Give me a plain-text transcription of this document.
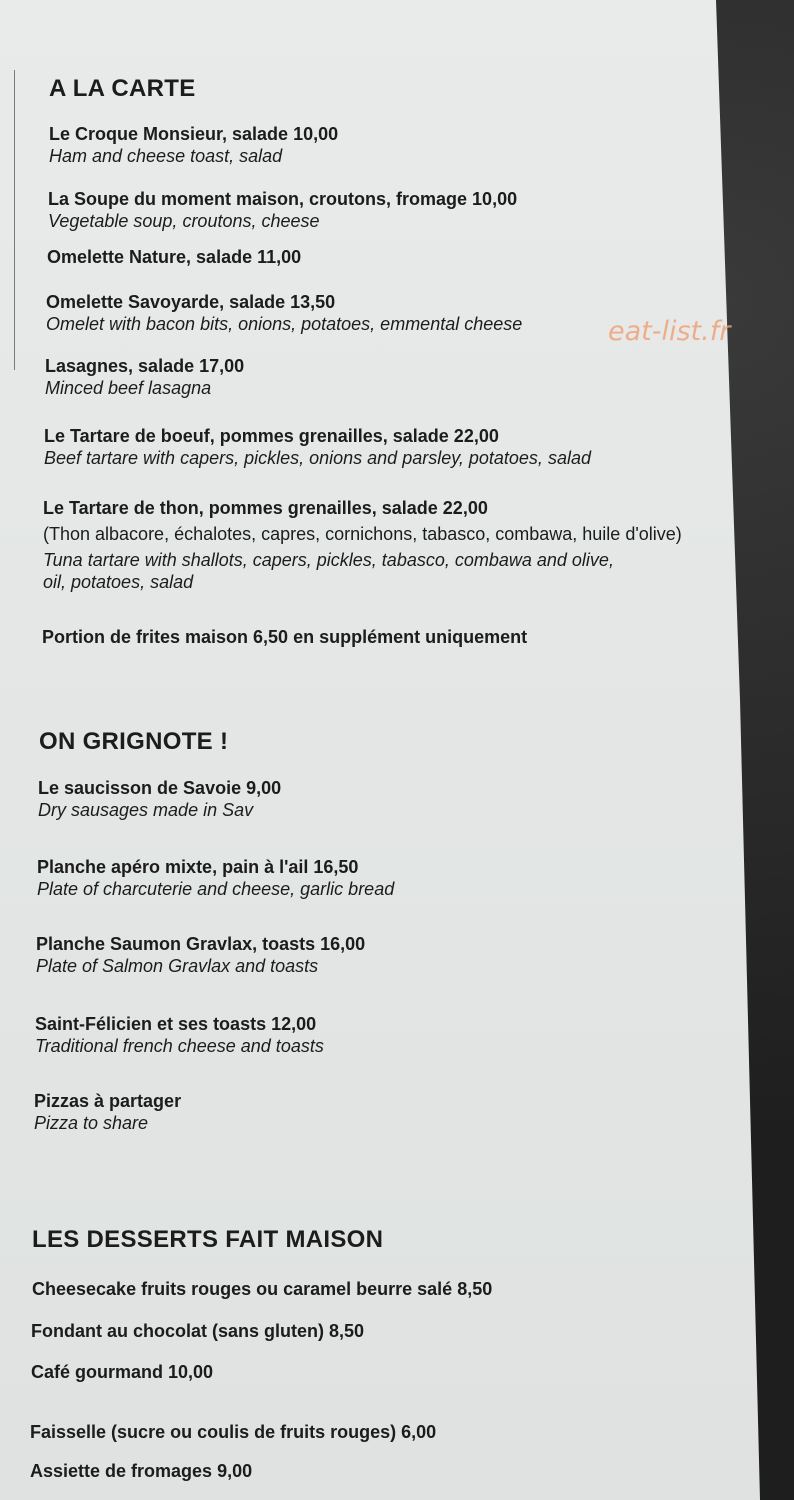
A LA CARTE
Le Croque Monsieur, salade 10,00
Ham and cheese toast, salad
La Soupe du moment maison, croutons, fromage 10,00
Vegetable soup, croutons, cheese
Omelette Nature, salade 11,00
Omelette Savoyarde, salade 13,50
Omelet with bacon bits, onions, potatoes, emmental cheese
Lasagnes, salade 17,00
Minced beef lasagna
Le Tartare de boeuf, pommes grenailles, salade 22,00
Beef tartare with capers, pickles, onions and parsley, potatoes, salad
Le Tartare de thon, pommes grenailles, salade 22,00
(Thon albacore, échalotes, capres, cornichons, tabasco, combawa, huile d'olive)
Tuna tartare with shallots, capers, pickles, tabasco, combawa and olive,
oil, potatoes, salad
Portion de frites maison 6,50 en supplément uniquement
ON GRIGNOTE !
Le saucisson de Savoie 9,00
Dry sausages made in Sav
Planche apéro mixte, pain à l'ail 16,50
Plate of charcuterie and cheese, garlic bread
Planche Saumon Gravlax, toasts 16,00
Plate of Salmon Gravlax and toasts
Saint-Félicien et ses toasts 12,00
Traditional french cheese and toasts
Pizzas à partager
Pizza to share
LES DESSERTS FAIT MAISON
Cheesecake fruits rouges ou caramel beurre salé 8,50
Fondant au chocolat (sans gluten) 8,50
Café gourmand 10,00
Faisselle (sucre ou coulis de fruits rouges) 6,00
Assiette de fromages 9,00
eat-list.fr
